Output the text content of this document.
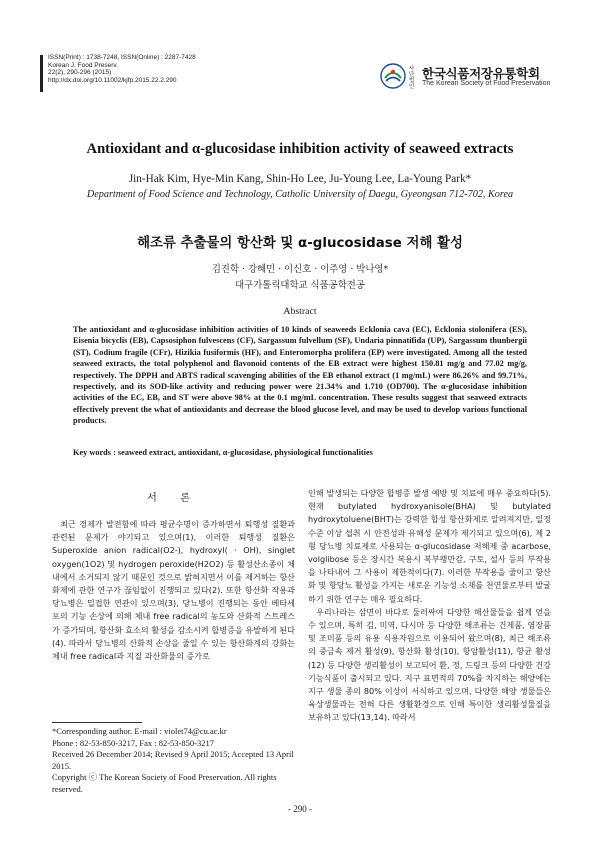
ISSN(Print) : 1738-7248, ISSN(Online) : 2287-7428
Korean J. Food Preserv.
22(2), 290-296 (2015)
http://dx.doi.org/10.11002/kjfp.2015.22.2.290
사단법인
한국식품저장유통학회
The Korean Society of Food Preservation
Antioxidant and α-glucosidase inhibition activity of seaweed extracts
Jin-Hak Kim, Hye-Min Kang, Shin-Ho Lee, Ju-Young Lee, La-Young Park*
Department of Food Science and Technology, Catholic University of Daegu, Gyeongsan 712-702, Korea
해조류 추출물의 항산화 및 α-glucosidase 저해 활성
김진학 · 강혜민 · 이신호 · 이주영 · 박나영*
대구가톨릭대학교 식품공학전공
Abstract

The antioxidant and α-glucosidase inhibition activities of 10 kinds of seaweeds Ecklonia cava (EC), Ecklonia stolonifera (ES), Eisenia bicyclis (EB), Capsosiphon fulvescens (CF), Sargassum fulvellum (SF), Undaria pinnatifida (UP), Sargassum thunbergii (ST), Codium fragile (CFr), Hizikia fusiformis (HF), and Enteromorpha prolifera (EP) were investigated. Among all the tested seaweed extracts, the total polyphenol and flavonoid contents of the EB extract were highest 150.81 mg/g and 77.02 mg/g, respectively. The DPPH and ABTS radical scavenging abilities of the EB ethanol extract (1 mg/mL) were 86.26% and 99.71%, respectively, and its SOD-like activity and reducing power were 21.34% and 1.710 (OD700). The α-glucosidase inhibition activities of the EC, EB, and ST were above 98% at the 0.1 mg/mL concentration. These results suggest that seaweed extracts effectively prevent the what of antioxidants and decrease the blood glucose level, and may be used to develop various functional products.

Key words : seaweed extract, antioxidant, α-glucosidase, physiological functionalities

서 론

최근 경제가 발전함에 따라 평균수명이 증가하면서 퇴행성 질환과 관련된 문제가 야기되고 있으며(1), 이러한 퇴행성 질환은 Superoxide anion radical(O2-), hydroxyl( · OH), singlet oxygen(1O2) 및 hydrogen peroxide(H2O2) 등 활성산소종이 체내에서 소거되지 않기 때문인 것으로 밝혀지면서 이를 제거하는 항산화제에 관한 연구가 끊임없이 진행되고 있다(2). 또한 항산화 작용과 당뇨병은 밀접한 연관이 있으며(3), 당뇨병이 진행되는 동안 베타세포의 기능 손상에 의해 체내 free radical의 농도와 산화적 스트레스가 증가되며, 항산화 효소의 활성을 감소시켜 합병증을 유발하게 된다(4). 따라서 당뇨병의 산화적 손상을 줄일 수 있는 항산화계의 강화는 체내 free radical과 지질 과산화물의 증가로

인해 발생되는 다양한 합병증 발생 예방 및 치료에 매우 중요하다(5). 현재 butylated hydroxyanisole(BHA) 및 butylated hydroxytoluene(BHT)는 강력한 합성 항산화제로 알려져지만, 일정 수준 이상 섭취 시 안전성과 유해성 문제가 제기되고 있으며(6), 제 2형 당뇨병 치료제로 사용되는 α-glucosidase 저해제 중 acarbose, volglibose 등은 장시간 복용시 복부팽만감, 구토, 설사 등의 부작용을 나타내어 그 사용이 제한적이다(7). 이러한 부작용을 줄이고 항산화 및 항당뇨 활성을 가지는 새로운 기능성 소재를 천연물로부터 발굴하기 위한 연구는 매우 필요하다.

우리나라는 삼면이 바다로 둘러싸여 다양한 해산물들을 쉽게 얻을 수 있으며, 특히 김, 미역, 다시마 등 다양한 해조류는 건제품, 염장품 및 조미품 등의 유용 식용자원으로 이용되어 왔으며(8), 최근 해조류의 중금속 제거 활성(9), 항산화 활성(10), 항암활성(11), 항균 활성(12) 등 다양한 생리활성이 보고되어 환, 정, 드링크 등의 다양한 건강기능식품이 출시되고 있다. 지구 표면적의 70%를 차지하는 해양에는 지구 생물 종의 80% 이상이 서식하고 있으며, 다양한 해양 생물들은 육상생물과는 전혀 다른 생활환경으로 인해 특이한 생리활성물질을 보유하고 있다(13,14). 따라서

*Corresponding author. E-mail : violet74@cu.ac.kr

Phone : 82-53-850-3217, Fax : 82-53-850-3217

Received 26 December 2014; Revised 9 April 2015; Accepted 13 April 2015.

Copyright ⓒ The Korean Society of Food Preservation. All rights reserved.

- 290 -
